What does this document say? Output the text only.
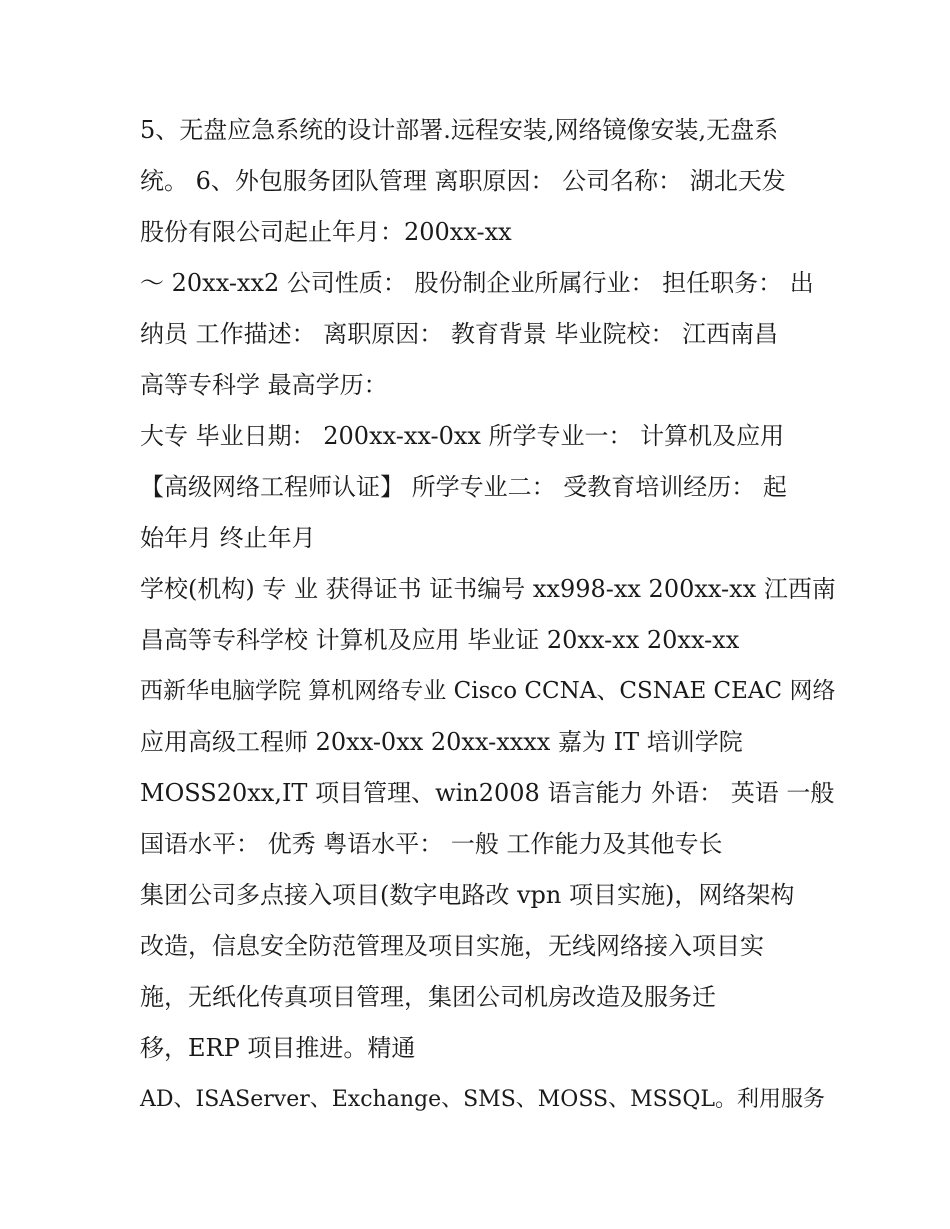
5、无盘应急系统的设计部署.远程安装,网络镜像安装,无盘系
统。 6、外包服务团队管理 离职原因： 公司名称： 湖北天发
股份有限公司起止年月：200xx-xx
～ 20xx-xx2 公司性质： 股份制企业所属行业： 担任职务： 出
纳员 工作描述： 离职原因： 教育背景 毕业院校： 江西南昌
高等专科学 最高学历：
大专 毕业日期： 200xx-xx-0xx 所学专业一： 计算机及应用
【高级网络工程师认证】 所学专业二： 受教育培训经历： 起
始年月 终止年月
学校(机构) 专 业 获得证书 证书编号 xx998-xx 200xx-xx 江西南
昌高等专科学校 计算机及应用 毕业证 20xx-xx 20xx-xx
西新华电脑学院 算机网络专业 Cisco CCNA、CSNAE CEAC 网络
应用高级工程师 20xx-0xx 20xx-xxxx 嘉为 IT 培训学院
MOSS20xx,IT 项目管理、win2008 语言能力 外语： 英语 一般
国语水平： 优秀 粤语水平： 一般 工作能力及其他专长
集团公司多点接入项目(数字电路改 vpn 项目实施)，网络架构
改造，信息安全防范管理及项目实施，无线网络接入项目实
施，无纸化传真项目管理，集团公司机房改造及服务迁
移，ERP 项目推进。精通
AD、ISAServer、Exchange、SMS、MOSS、MSSQL。利用服务
